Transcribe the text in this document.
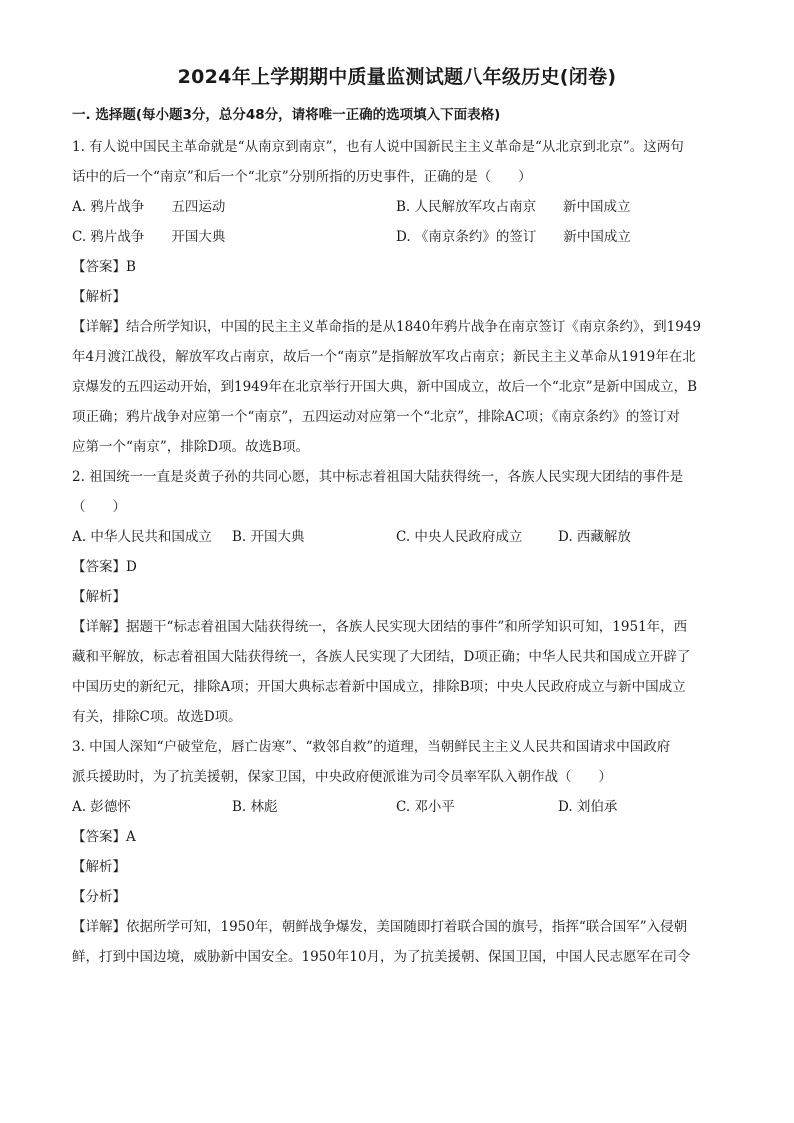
2024年上学期期中质量监测试题八年级历史(闭卷)
一. 选择题(每小题3分，总分48分，请将唯一正确的选项填入下面表格)
1. 有人说中国民主革命就是“从南京到南京”，也有人说中国新民主主义革命是“从北京到北京”。这两句
话中的后一个“南京”和后一个“北京”分别所指的历史事件，正确的是（　　）
A. 鸦片战争　　五四运动	B. 人民解放军攻占南京　　新中国成立
C. 鸦片战争　　开国大典	D. 《南京条约》的签订　　新中国成立
【答案】B
【解析】
【详解】结合所学知识，中国的民主主义革命指的是从1840年鸦片战争在南京签订《南京条约》，到1949
年4月渡江战役，解放军攻占南京，故后一个“南京”是指解放军攻占南京；新民主主义革命从1919年在北
京爆发的五四运动开始，到1949年在北京举行开国大典，新中国成立，故后一个“北京”是新中国成立，B
项正确；鸦片战争对应第一个“南京”，五四运动对应第一个“北京”，排除AC项；《南京条约》的签订对
应第一个“南京”，排除D项。故选B项。
2. 祖国统一一直是炎黄子孙的共同心愿，其中标志着祖国大陆获得统一，各族人民实现大团结的事件是
（　　）
A. 中华人民共和国成立 B. 开国大典	C. 中央人民政府成立	D. 西藏解放
【答案】D
【解析】
【详解】据题干“标志着祖国大陆获得统一，各族人民实现大团结的事件”和所学知识可知，1951年，西
藏和平解放，标志着祖国大陆获得统一，各族人民实现了大团结，D项正确；中华人民共和国成立开辟了
中国历史的新纪元，排除A项；开国大典标志着新中国成立，排除B项；中央人民政府成立与新中国成立
有关，排除C项。故选D项。
3. 中国人深知“户破堂危，唇亡齿寒”、“救邻自救”的道理，当朝鲜民主主义人民共和国请求中国政府
派兵援助时，为了抗美援朝，保家卫国，中央政府便派谁为司令员率军队入朝作战（　　）
A. 彭德怀	B. 林彪	C. 邓小平	D. 刘伯承
【答案】A
【解析】
【分析】
【详解】依据所学可知，1950年，朝鲜战争爆发，美国随即打着联合国的旗号，指挥“联合国军”入侵朝
鲜，打到中国边境，威胁新中国安全。1950年10月，为了抗美援朝、保国卫国，中国人民志愿军在司令
